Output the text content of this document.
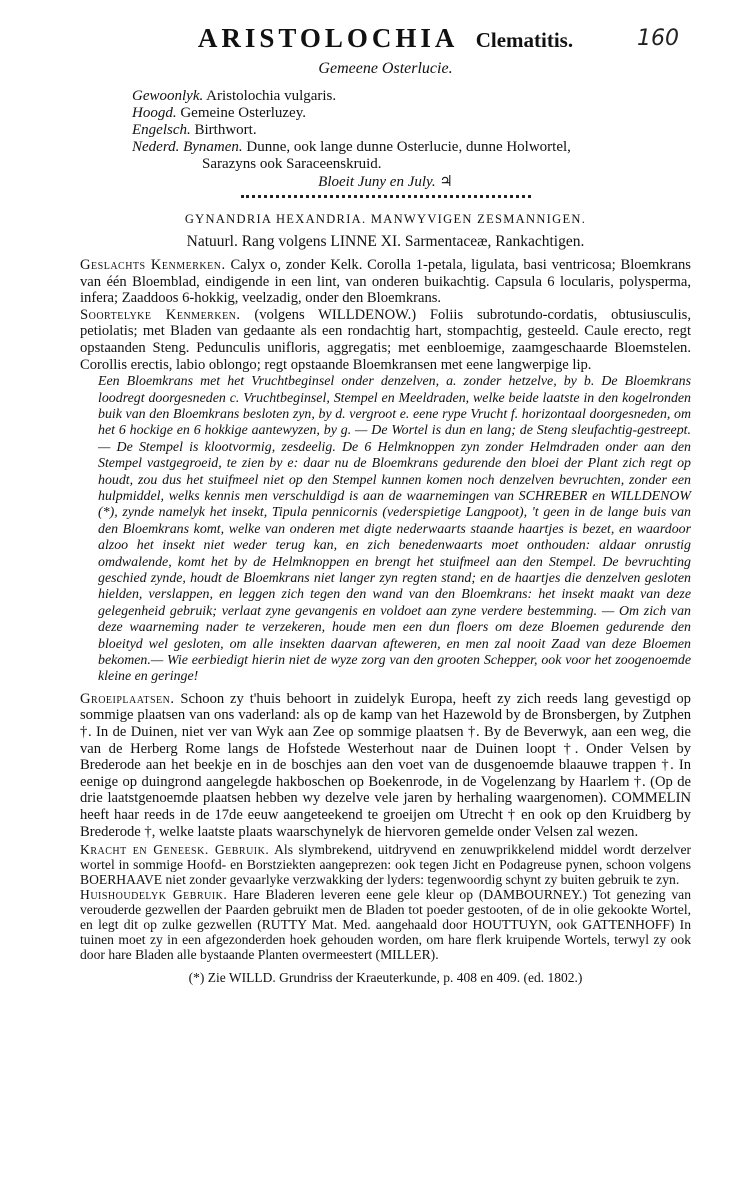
160
ARISTOLOCHIA Clematitis.
Gemeene Osterlucie.
Gewoonlyk. Aristolochia vulgaris.
Hoogd. Gemeine Osterluzey.
Engelsch. Birthwort.
Nederd. Bynamen. Dunne, ook lange dunne Osterlucie, dunne Holwortel,
Sarazyns ook Saraceenskruid.
Bloeit Juny en July. ♃
GYNANDRIA HEXANDRIA. MANWYVIGEN ZESMANNIGEN.
Natuurl. Rang volgens LINNE XI. Sarmentaceæ, Rankachtigen.

Geslachts Kenmerken. Calyx o, zonder Kelk. Corolla 1-petala, ligulata, basi ventricosa; Bloemkrans van één Bloemblad, eindigende in een lint, van onderen buikachtig. Capsula 6 locularis, polysperma, infera; Zaaddoos 6-hokkig, veelzadig, onder den Bloemkrans.

Soortelyke Kenmerken. (volgens WILLDENOW.) Foliis subrotundo-cordatis, obtusiusculis, petiolatis; met Bladen van gedaante als een rondachtig hart, stompachtig, gesteeld. Caule erecto, regt opstaanden Steng. Pedunculis unifloris, aggregatis; met eenbloemige, zaamgeschaarde Bloemstelen. Corollis erectis, labio oblongo; regt opstaande Bloemkransen met eene langwerpige lip.

Een Bloemkrans met het Vruchtbeginsel onder denzelven, a. zonder hetzelve, by b. De Bloemkrans loodregt doorgesneden c. Vruchtbeginsel, Stempel en Meeldraden, welke beide laatste in den kogelronden buik van den Bloemkrans besloten zyn, by d. vergroot e. eene rype Vrucht f. horizontaal doorgesneden, om het 6 hockige en 6 hokkige aantewyzen, by g. — De Wortel is dun en lang; de Steng sleufachtig-gestreept. — De Stempel is klootvormig, zesdeelig. De 6 Helmknoppen zyn zonder Helmdraden onder aan den Stempel vastgegroeid, te zien by e: daar nu de Bloemkrans gedurende den bloei der Plant zich regt op houdt, zou dus het stuifmeel niet op den Stempel kunnen komen noch denzelven bevruchten, zonder een hulpmiddel, welks kennis men verschuldigd is aan de waarnemingen van SCHREBER en WILLDENOW (*), zynde namelyk het insekt, Tipula pennicornis (vederspietige Langpoot), 't geen in de lange buis van den Bloemkrans komt, welke van onderen met digte nederwaarts staande haartjes is bezet, en waardoor alzoo het insekt niet weder terug kan, en zich benedenwaarts moet onthouden: aldaar onrustig omdwalende, komt het by de Helmknoppen en brengt het stuifmeel aan den Stempel. De bevruchting geschied zynde, houdt de Bloemkrans niet langer zyn regten stand; en de haartjes die denzelven gesloten hielden, verslappen, en leggen zich tegen den wand van den Bloemkrans: het insekt maakt van deze gelegenheid gebruik; verlaat zyne gevangenis en voldoet aan zyne verdere bestemming. — Om zich van deze waarneming nader te verzekeren, houde men een dun floers om deze Bloemen gedurende den bloeityd wel gesloten, om alle insekten daarvan afteweren, en men zal nooit Zaad van deze Bloemen bekomen.— Wie eerbiedigt hierin niet de wyze zorg van den grooten Schepper, ook voor het zoogenoemde kleine en geringe!

Groeiplaatsen. Schoon zy t'huis behoort in zuidelyk Europa, heeft zy zich reeds lang gevestigd op sommige plaatsen van ons vaderland: als op de kamp van het Hazewold by de Bronsbergen, by Zutphen †. In de Duinen, niet ver van Wyk aan Zee op sommige plaatsen †. By de Beverwyk, aan een weg, die van de Herberg Rome langs de Hofstede Westerhout naar de Duinen loopt †. Onder Velsen by Brederode aan het beekje en in de boschjes aan den voet van de dusgenoemde blaauwe trappen †. In eenige op duingrond aangelegde hakboschen op Boekenrode, in de Vogelenzang by Haarlem †. (Op de drie laatstgenoemde plaatsen hebben wy dezelve vele jaren by herhaling waargenomen). COMMELIN heeft haar reeds in de 17de eeuw aangeteekend te groeijen om Utrecht † en ook op den Kruidberg by Brederode †, welke laatste plaats waarschynelyk de hiervoren gemelde onder Velsen zal wezen.

Kracht en Geneesk. Gebruik. Als slymbrekend, uitdryvend en zenuwprikkelend middel wordt derzelver wortel in sommige Hoofd- en Borstziekten aangeprezen: ook tegen Jicht en Podagreuse pynen, schoon volgens BOERHAAVE niet zonder gevaarlyke verzwakking der lyders: tegenwoordig schynt zy buiten gebruik te zyn.

Huishoudelyk Gebruik. Hare Bladeren leveren eene gele kleur op (DAMBOURNEY.) Tot genezing van verouderde gezwellen der Paarden gebruikt men de Bladen tot poeder gestooten, of de in olie gekookte Wortel, en legt dit op zulke gezwellen (RUTTY Mat. Med. aangehaald door HOUTTUYN, ook GATTENHOFF) In tuinen moet zy in een afgezonderden hoek gehouden worden, om hare flerk kruipende Wortels, terwyl zy ook door hare Bladen alle bystaande Planten overmeestert (MILLER).

(*) Zie WILLD. Grundriss der Kraeuterkunde, p. 408 en 409. (ed. 1802.)
